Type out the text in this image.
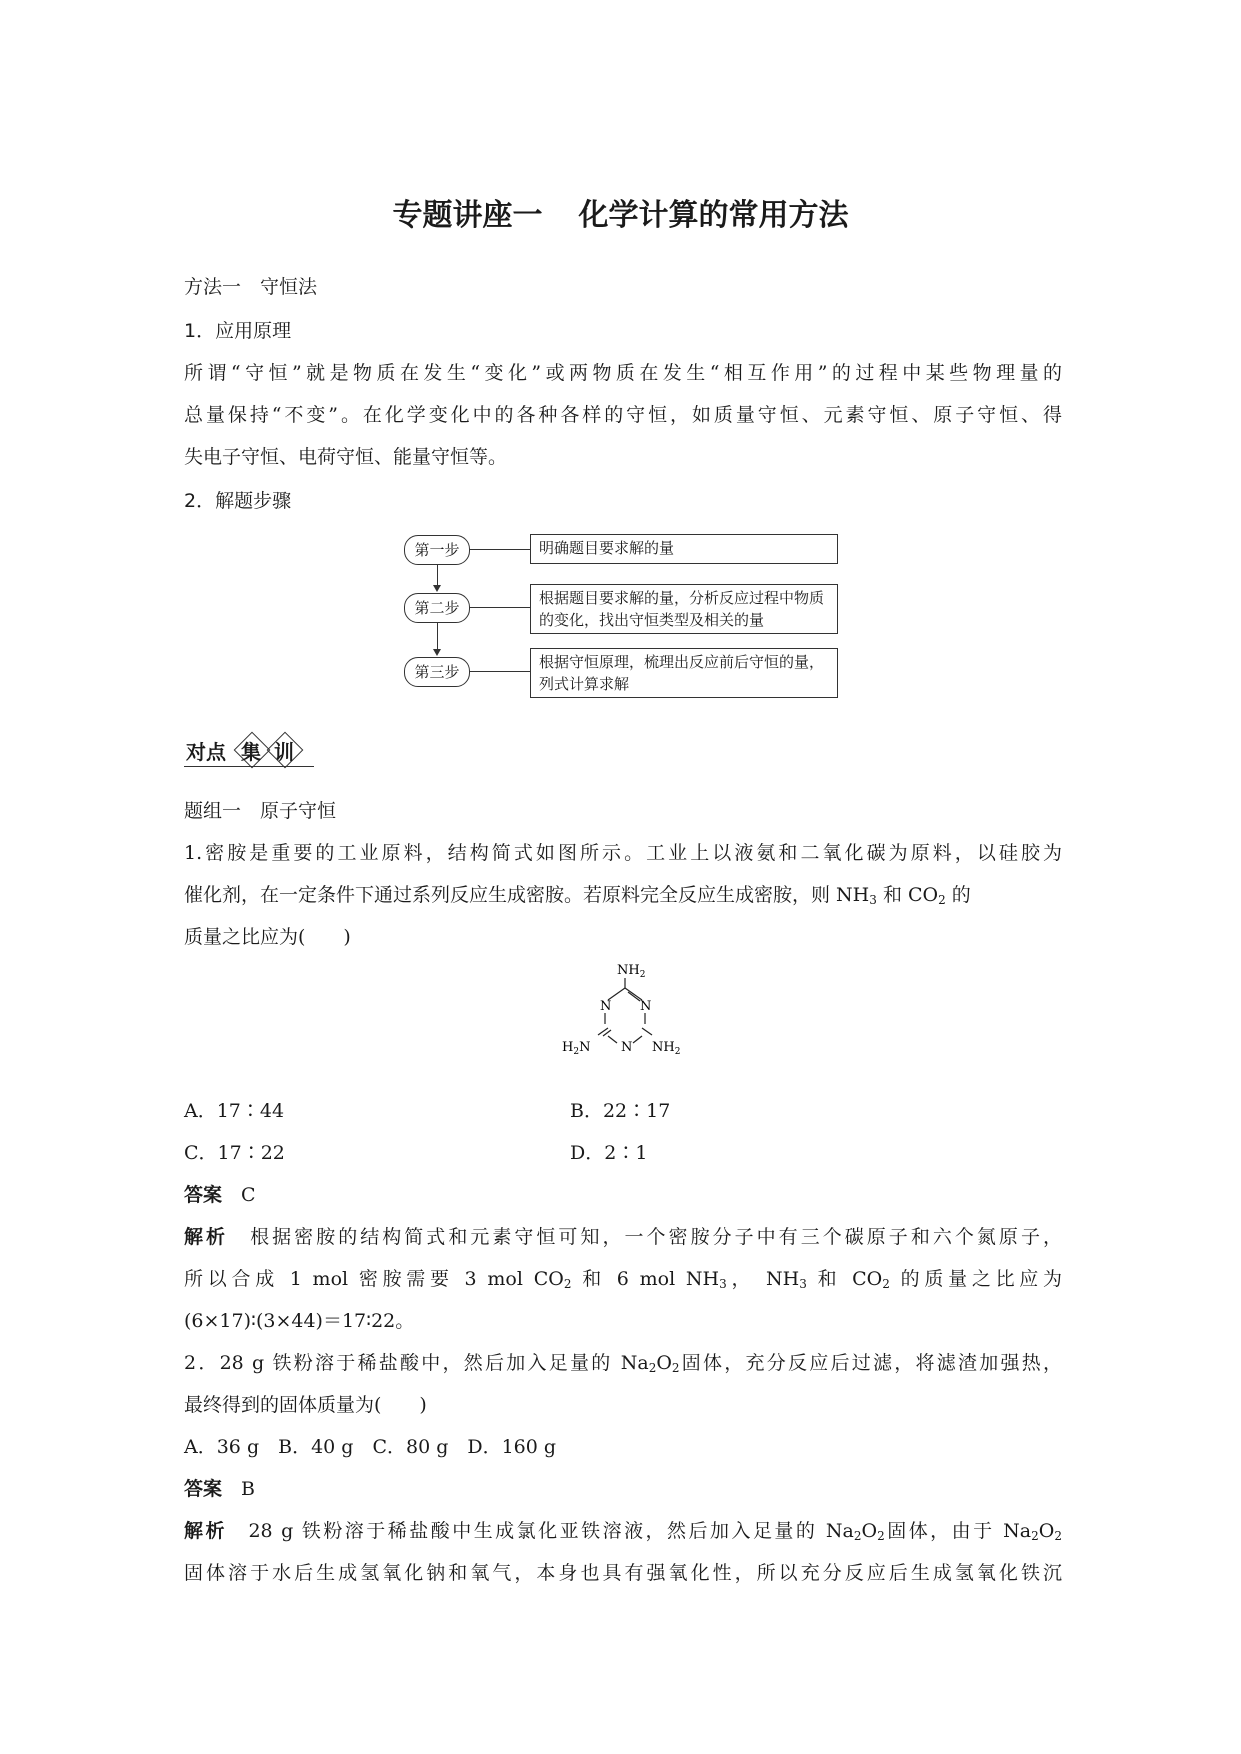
专题讲座一 化学计算的常用方法
方法一　守恒法
1．应用原理
所谓“守恒”就是物质在发生“变化”或两物质在发生“相互作用”的过程中某些物理量的
总量保持“不变”。在化学变化中的各种各样的守恒，如质量守恒、元素守恒、原子守恒、得
失电子守恒、电荷守恒、能量守恒等。
2．解题步骤
第一步	明确题目要求解的量
第二步
根据题目要求解的量，分析反应过程中物质的变化，找出守恒类型及相关的量
第三步
根据守恒原理，梳理出反应前后守恒的量，列式计算求解
对点 集 训
题组一　原子守恒
1.密胺是重要的工业原料，结构简式如图所示。工业上以液氨和二氧化碳为原料，以硅胶为
催化剂，在一定条件下通过系列反应生成密胺。若原料完全反应生成密胺，则 $NH_3$ 和 $CO_2$ 的
质量之比应为(　　)
$NH_2$
N
N
N
$H_2N$	$NH_2$
A．17∶44	B．22∶17
C．17∶22	D．2∶1
答案　 C
解析　 根据密胺的结构简式和元素守恒可知，一个密胺分子中有三个碳原子和六个氮原子，
所以合成 1 mol 密胺需要 3 mol $CO_2$ 和 6 mol $NH_3$， $NH_3$ 和 $CO_2$ 的质量之比应为
(6×17)∶(3×44)＝17∶22。
2．28 g 铁粉溶于稀盐酸中，然后加入足量的 $Na_2O_2$固体，充分反应后过滤，将滤渣加强热，
最终得到的固体质量为(　　)
A．36 g　B．40 g　C．80 g　D．160 g
答案　 B
解析　 28 g 铁粉溶于稀盐酸中生成氯化亚铁溶液，然后加入足量的 $Na_2O_2$固体，由于 $Na_2O_2$
固体溶于水后生成氢氧化钠和氧气，本身也具有强氧化性，所以充分反应后生成氢氧化铁沉
